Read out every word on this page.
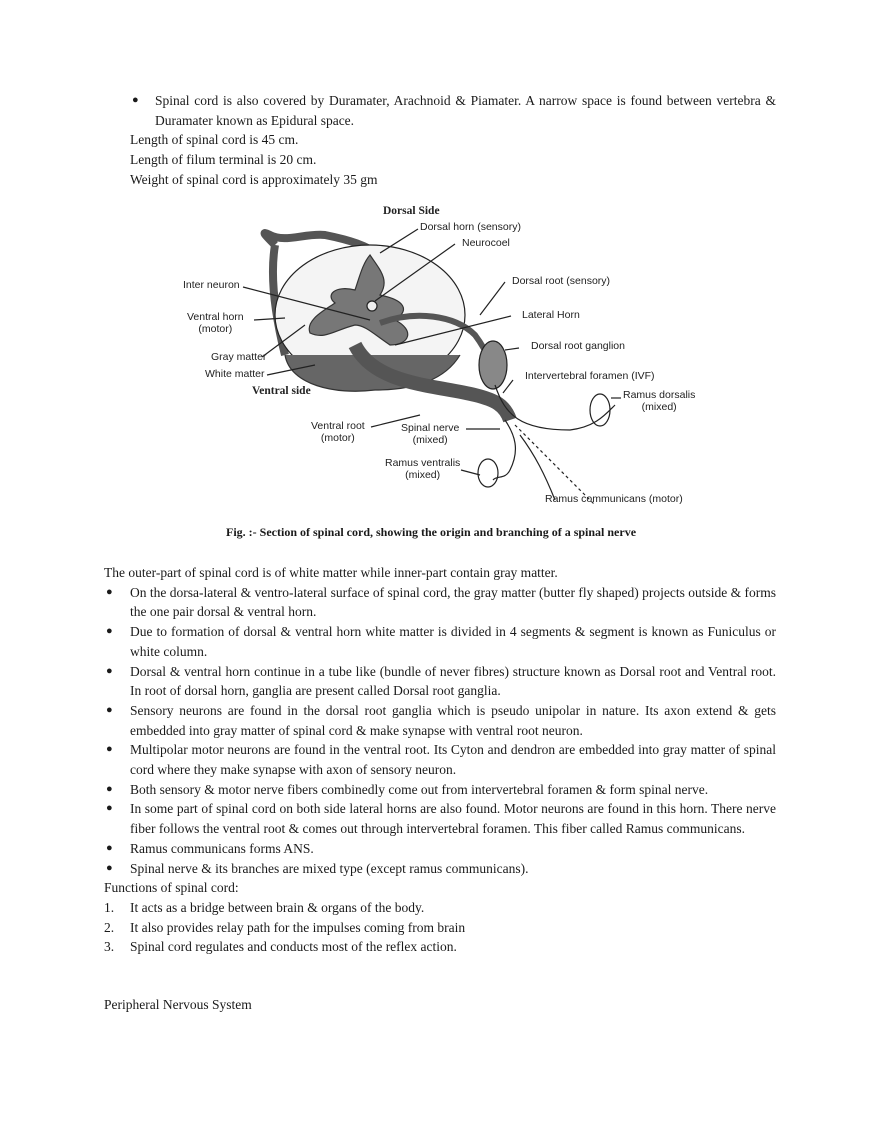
● Spinal cord is also covered by Duramater, Arachnoid & Piamater. A narrow space is found between vertebra & Duramater known as Epidural space.
Length of spinal cord is 45 cm.
Length of filum terminal is 20 cm.
Weight of spinal cord is approximately 35 gm
Dorsal Side
Dorsal horn (sensory)
Neurocoel
Inter neuron	Dorsal root (sensory)
Lateral Horn
Ventral horn
(motor)
Gray matter
Dorsal root ganglion
White matter	Intervertebral foramen (IVF)
Ventral side	Ramus dorsalis
(mixed)
Ventral root
(motor)
Spinal nerve
(mixed)
Ramus ventralis
(mixed)
Ramus communicans (motor)
Fig. :- Section of spinal cord, showing the origin and branching of a spinal nerve
The outer-part of spinal cord is of white matter while inner-part contain gray matter.
● On the dorsa-lateral & ventro-lateral surface of spinal cord, the gray matter (butter fly shaped) projects outside & forms the one pair dorsal & ventral horn.
● Due to formation of dorsal & ventral horn white matter is divided in 4 segments & segment is known as Funiculus or white column.
● Dorsal & ventral horn continue in a tube like (bundle of never fibres) structure known as Dorsal root and Ventral root. In root of dorsal horn, ganglia are present called Dorsal root ganglia.
● Sensory neurons are found in the dorsal root ganglia which is pseudo unipolar in nature. Its axon extend & gets embedded into gray matter of spinal cord & make synapse with ventral root neuron.
● Multipolar motor neurons are found in the ventral root. Its Cyton and dendron are embedded into gray matter of spinal cord where they make synapse with axon of sensory neuron.
● Both sensory & motor nerve fibers combinedly come out from intervertebral foramen & form spinal nerve.
● In some part of spinal cord on both side lateral horns are also found. Motor neurons are found in this horn. There nerve fiber follows the ventral root & comes out through intervertebral foramen. This fiber called Ramus communicans.
● Ramus communicans forms ANS.
● Spinal nerve & its branches are mixed type (except ramus communicans).
Functions of spinal cord:
1. It acts as a bridge between brain & organs of the body.
2. It also provides relay path for the impulses coming from brain
3. Spinal cord regulates and conducts most of the reflex action.
Peripheral Nervous System
